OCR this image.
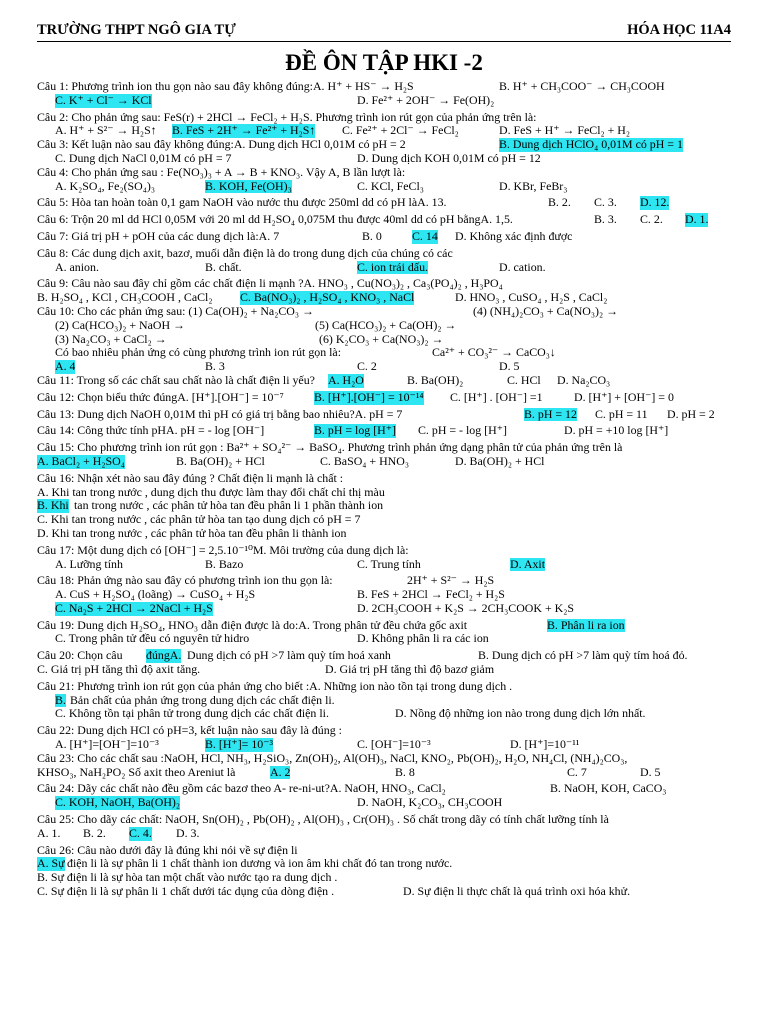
TRƯỜNG THPT NGÔ GIA TỰ	HÓA HỌC 11A4
ĐỀ ÔN TẬP HKI -2
Câu 1: Phương trình ion thu gọn nào sau đây không đúng:A. H⁺ + HS⁻ → H₂S	B. H⁺ + CH₃COO⁻ → CH₃COOH
C. K⁺ + Cl⁻ → KCl	D. Fe²⁺ + 2OH⁻ → Fe(OH)₂
Câu 2: Cho phản ứng sau: FeS(r) + 2HCl → FeCl₂ + H₂S. Phương trình ion rút gọn của phản ứng trên là:
A. H⁺ + S²⁻ → H₂S↑ B. FeS + 2H⁺ → Fe²⁺ + H₂S↑ C. Fe²⁺ + 2Cl⁻ → FeCl₂	D. FeS + H⁺ → FeCl₂ + H₂
Câu 3: Kết luận nào sau đây không đúng:A. Dung dịch HCl 0,01M có pH = 2	B. Dung dịch HClO₄ 0,01M có pH = 1
C. Dung dịch NaCl 0,01M có pH = 7	D. Dung dịch KOH 0,01M có pH = 12
Câu 4: Cho phản ứng sau : Fe(NO₃)₃ + A → B + KNO₃. Vậy A, B lần lượt là:
A. K₂SO₄, Fe₂(SO₄)₃	B. KOH, Fe(OH)₃	C. KCl, FeCl₃	D. KBr, FeBr₃
Câu 5: Hòa tan hoàn toàn 0,1 gam NaOH vào nước thu được 250ml dd có pH làA. 13.	B. 2. C. 3. D. 12.
Câu 6: Trộn 20 ml dd HCl 0,05M với 20 ml dd H₂SO₄ 0,075M thu được 40ml dd có pH bằngA. 1,5.	B. 3. C. 2. D. 1.
Câu 7: Giá trị pH + pOH của các dung dịch là:A. 7	B. 0	C. 14 D. Không xác định được
Câu 8: Các dung dịch axit, bazơ, muối dẫn điện là do trong dung dịch của chúng có các
A. anion.	B. chất.	C. ion trái dấu.	D. cation.
Câu 9: Câu nào sau đây chỉ gồm các chất điện li mạnh ?A. HNO₃ , Cu(NO₃)₂ , Ca₃(PO₄)₂ , H₃PO₄
B. H₂SO₄ , KCl , CH₃COOH , CaCl₂ C. Ba(NO₃)₂ , H₂SO₄ , KNO₃ , NaCl	D. HNO₃ , CuSO₄ , H₂S , CaCl₂
Câu 10: Cho các phản ứng sau: (1) Ca(OH)₂ + Na₂CO₃ →	(4) (NH₄)₂CO₃ + Ca(NO₃)₂ →
(2) Ca(HCO₃)₂ + NaOH →	(5) Ca(HCO₃)₂ + Ca(OH)₂ →
(3) Na₂CO₃ + CaCl₂ →	(6) K₂CO₃ + Ca(NO₃)₂ →
Có bao nhiêu phản ứng có cùng phương trình ion rút gọn là:	Ca²⁺ + CO₃²⁻ → CaCO₃↓
A. 4	B. 3	C. 2	D. 5
Câu 11: Trong số các chất sau chất nào là chất điện li yếu? A. H₂O	B. Ba(OH)₂	C. HCl D. Na₂CO₃
Câu 12: Chọn biểu thức đúngA. [H⁺].[OH⁻] = 10⁻⁷	B. [H⁺].[OH⁻] = 10⁻¹⁴ C. [H⁺] . [OH⁻] =1	D. [H⁺] + [OH⁻] = 0
Câu 13: Dung dịch NaOH 0,01M thì pH có giá trị bằng bao nhiêu?A. pH = 7	B. pH = 12 C. pH = 11 D. pH = 2
Câu 14: Công thức tính pHA. pH = - log [OH⁻]	B. pH = log [H⁺] C. pH = - log [H⁺]	D. pH = +10 log [H⁺]
Câu 15: Cho phương trình ion rút gọn : Ba²⁺ + SO₄²⁻ → BaSO₄. Phương trình phản ứng dạng phân tử của phản ứng trên là
A. BaCl₂ + H₂SO₄	B. Ba(OH)₂ + HCl	C. BaSO₄ + HNO₃	D. Ba(OH)₂ + HCl
Câu 16: Nhận xét nào sau đây đúng ? Chất điện li mạnh là chất :
A. Khi tan trong nước , dung dịch thu được làm thay đổi chất chỉ thị màu
B. Khi tan trong nước , các phân tử hòa tan đều phân li 1 phần thành ion
C. Khi tan trong nước , các phân tử hòa tan tạo dung dịch có pH = 7
D. Khi tan trong nước , các phân tử hòa tan đều phân li thành ion
Câu 17: Một dung dịch có [OH⁻] = 2,5.10⁻¹⁰M. Môi trường của dung dịch là:
A. Lưỡng tính	B. Bazo	C. Trung tính	D. Axit
Câu 18: Phản ứng nào sau đây có phương trình ion thu gọn là:	2H⁺ + S²⁻ → H₂S
A. CuS + H₂SO₄ (loãng) → CuSO₄ + H₂S	B. FeS + 2HCl → FeCl₂ + H₂S
C. Na₂S + 2HCl → 2NaCl + H₂S	D. 2CH₃COOH + K₂S → 2CH₃COOK + K₂S
Câu 19: Dung dịch H₂SO₄, HNO₃ dẫn điện được là do:A. Trong phân tử đều chứa gốc axit	B. Phân li ra ion
C. Trong phân tử đều có nguyên tử hidro	D. Không phân li ra các ion
Câu 20: Chọn câu đúngA. Dung dịch có pH >7 làm quỳ tím hoá xanh	B. Dung dịch có pH >7 làm quỳ tím hoá đỏ.
C. Giá trị pH tăng thì độ axit tăng.	D. Giá trị pH tăng thì độ bazơ giảm
Câu 21: Phương trình ion rút gọn của phản ứng cho biết :A. Những ion nào tồn tại trong dung dịch .
B. Bản chất của phản ứng trong dung dịch các chất điện li.
C. Không tồn tại phân tử trong dung dịch các chất điện li.	D. Nồng độ những ion nào trong dung dịch lớn nhất.
Câu 22: Dung dịch HCl có pH=3, kết luận nào sau đây là đúng :
A. [H⁺]=[OH⁻]=10⁻³	B. [H⁺]= 10⁻³	C. [OH⁻]=10⁻³	D. [H⁺]=10⁻¹¹
Câu 23: Cho các chất sau :NaOH, HCl, NH₃, H₂SiO₃, Zn(OH)₂, Al(OH)₃, NaCl, KNO₂, Pb(OH)₂, H₂O, NH₄Cl, (NH₄)₂CO₃,
KHSO₃, NaH₂PO₂ Số axit theo Areniut là	A. 2	B. 8	C. 7	D. 5
Câu 24: Dãy các chất nào đều gồm các bazơ theo A- re-ni-ut?A. NaOH, HNO₃, CaCl₂	B. NaOH, KOH, CaCO₃
C. KOH, NaOH, Ba(OH)₂	D. NaOH, K₂CO₃, CH₃COOH
Câu 25: Cho dãy các chất: NaOH, Sn(OH)₂ , Pb(OH)₂ , Al(OH)₃ , Cr(OH)₃ . Số chất trong dãy có tính chất lưỡng tính là
A. 1. B. 2. C. 4. D. 3.
Câu 26: Câu nào dưới đây là đúng khi nói về sự điện li
A. Sự điện li là sự phân li 1 chất thành ion dương và ion âm khi chất đó tan trong nước.
B. Sự điện li là sự hòa tan một chất vào nước tạo ra dung dịch .
C. Sự điện li là sự phân li 1 chất dưới tác dụng của dòng điện .	D. Sự điện li thực chất là quá trình oxi hóa khử.
